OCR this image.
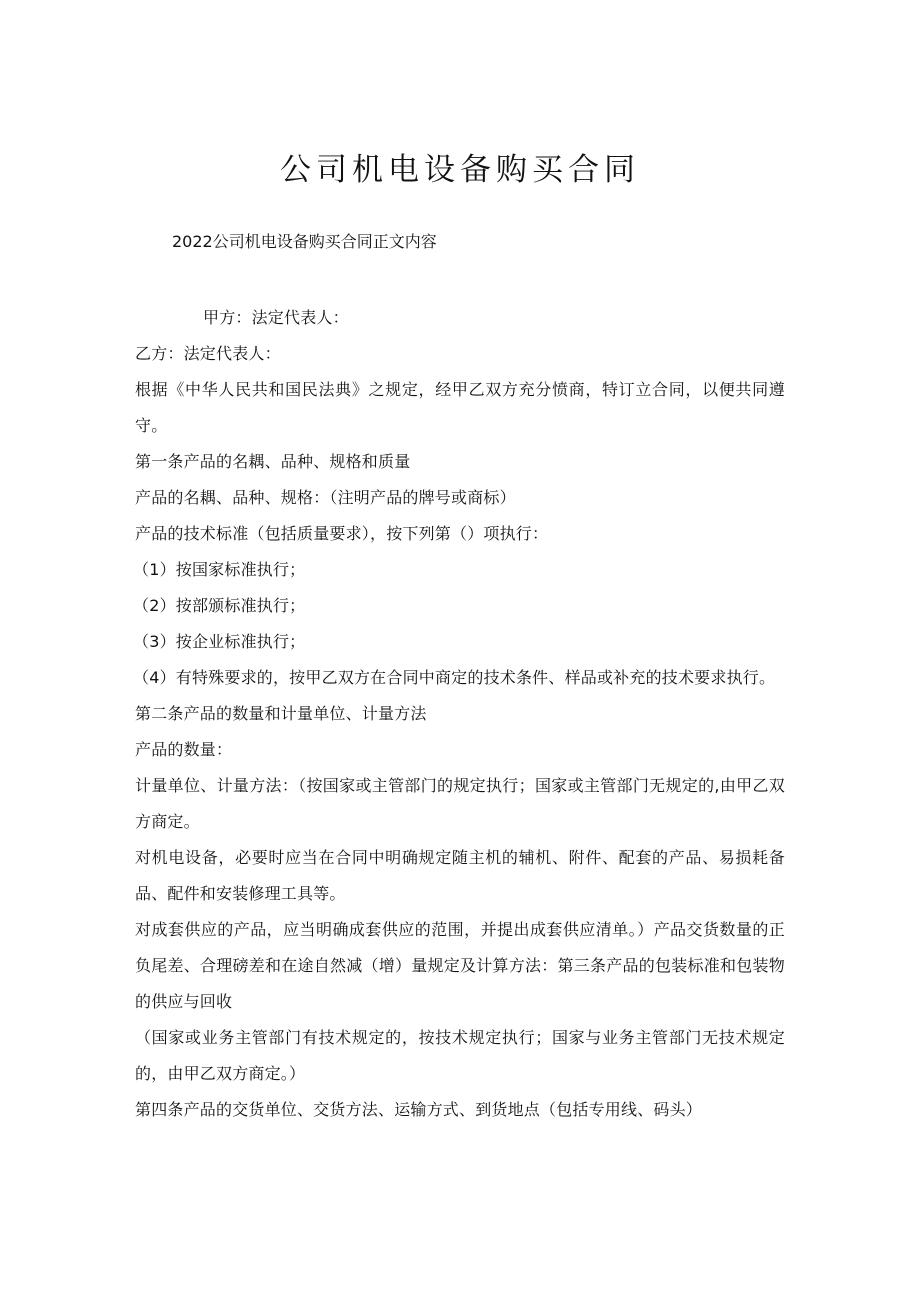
公司机电设备购买合同

2022公司机电设备购买合同正文内容

甲方：法定代表人：

乙方：法定代表人：

根据《中华人民共和国民法典》之规定，经甲乙双方充分愤商，特订立合同，以便共同遵守。

第一条产品的名耦、品种、规格和质量

产品的名耦、品种、规格：（注明产品的牌号或商标）

产品的技术标准（包括质量要求），按下列第（）项执行：

（1）按国家标准执行；

（2）按部颁标准执行；

（3）按企业标准执行；

（4）有特殊要求的，按甲乙双方在合同中商定的技术条件、样品或补充的技术要求执行。

第二条产品的数量和计量单位、计量方法

产品的数量：

计量单位、计量方法：（按国家或主管部门的规定执行；国家或主管部门无规定的,由甲乙双方商定。

对机电设备，必要时应当在合同中明确规定随主机的辅机、附件、配套的产品、易损耗备品、配件和安装修理工具等。

对成套供应的产品，应当明确成套供应的范围，并提出成套供应清单。）产品交货数量的正负尾差、合理磅差和在途自然减（增）量规定及计算方法：第三条产品的包装标准和包装物的供应与回收

（国家或业务主管部门有技术规定的，按技术规定执行；国家与业务主管部门无技术规定的，由甲乙双方商定。）

第四条产品的交货单位、交货方法、运输方式、到货地点（包括专用线、码头）
